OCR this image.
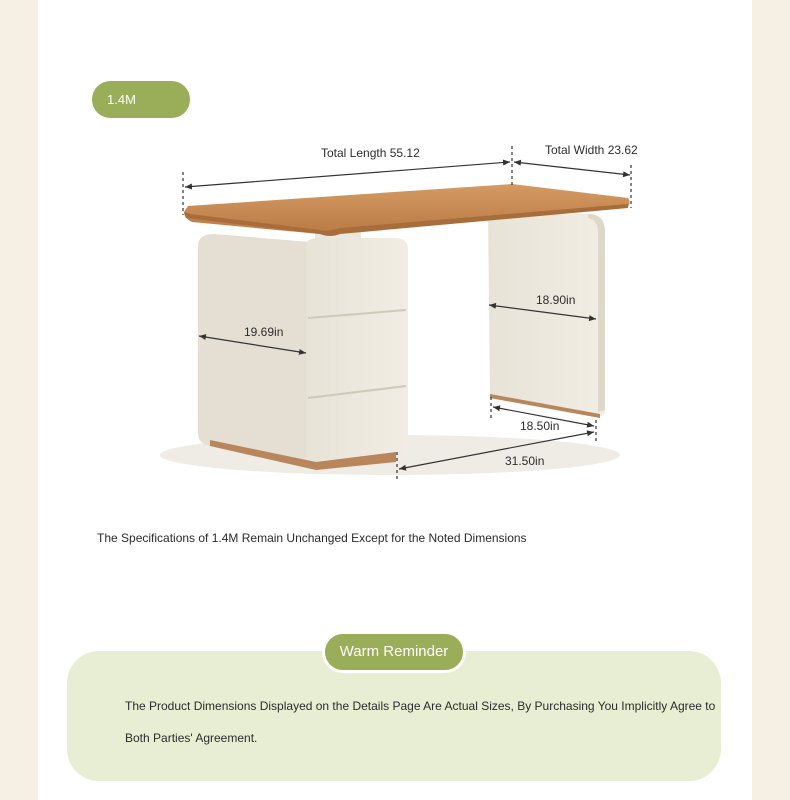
1.4M
Total Length 55.12	Total Width 23.62
19.69in
18.90in
18.50in
31.50in
The Specifications of 1.4M Remain Unchanged Except for the Noted Dimensions
Warm Reminder
The Product Dimensions Displayed on the Details Page Are Actual Sizes, By Purchasing You Implicitly Agree to Both Parties' Agreement.
